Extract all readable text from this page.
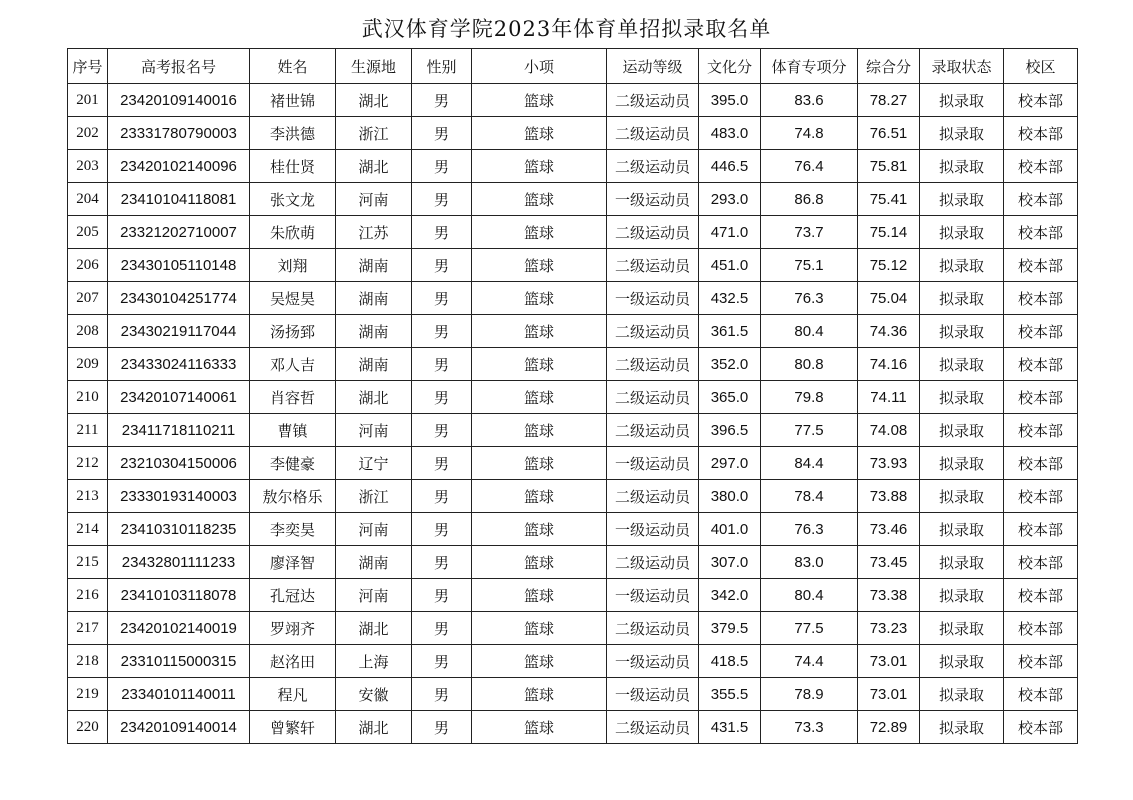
武汉体育学院2023年体育单招拟录取名单
序号	高考报名号	姓名	生源地	性别	小项	运动等级	文化分	体育专项分	综合分	录取状态	校区
201	23420109140016	褚世锦	湖北	男	篮球	二级运动员	395.0	83.6	78.27	拟录取	校本部
202	23331780790003	李洪德	浙江	男	篮球	二级运动员	483.0	74.8	76.51	拟录取	校本部
203	23420102140096	桂仕贤	湖北	男	篮球	二级运动员	446.5	76.4	75.81	拟录取	校本部
204	23410104118081	张文龙	河南	男	篮球	一级运动员	293.0	86.8	75.41	拟录取	校本部
205	23321202710007	朱欣萌	江苏	男	篮球	二级运动员	471.0	73.7	75.14	拟录取	校本部
206	23430105110148	刘翔	湖南	男	篮球	二级运动员	451.0	75.1	75.12	拟录取	校本部
207	23430104251774	吴煜昊	湖南	男	篮球	一级运动员	432.5	76.3	75.04	拟录取	校本部
208	23430219117044	汤扬郅	湖南	男	篮球	二级运动员	361.5	80.4	74.36	拟录取	校本部
209	23433024116333	邓人吉	湖南	男	篮球	二级运动员	352.0	80.8	74.16	拟录取	校本部
210	23420107140061	肖容哲	湖北	男	篮球	二级运动员	365.0	79.8	74.11	拟录取	校本部
211	23411718110211	曹镇	河南	男	篮球	二级运动员	396.5	77.5	74.08	拟录取	校本部
212	23210304150006	李健豪	辽宁	男	篮球	一级运动员	297.0	84.4	73.93	拟录取	校本部
213	23330193140003	敖尔格乐	浙江	男	篮球	二级运动员	380.0	78.4	73.88	拟录取	校本部
214	23410310118235	李奕昊	河南	男	篮球	一级运动员	401.0	76.3	73.46	拟录取	校本部
215	23432801111233	廖泽智	湖南	男	篮球	二级运动员	307.0	83.0	73.45	拟录取	校本部
216	23410103118078	孔冠达	河南	男	篮球	一级运动员	342.0	80.4	73.38	拟录取	校本部
217	23420102140019	罗翊齐	湖北	男	篮球	二级运动员	379.5	77.5	73.23	拟录取	校本部
218	23310115000315	赵洺田	上海	男	篮球	一级运动员	418.5	74.4	73.01	拟录取	校本部
219	23340101140011	程凡	安徽	男	篮球	一级运动员	355.5	78.9	73.01	拟录取	校本部
220	23420109140014	曾繁轩	湖北	男	篮球	二级运动员	431.5	73.3	72.89	拟录取	校本部
